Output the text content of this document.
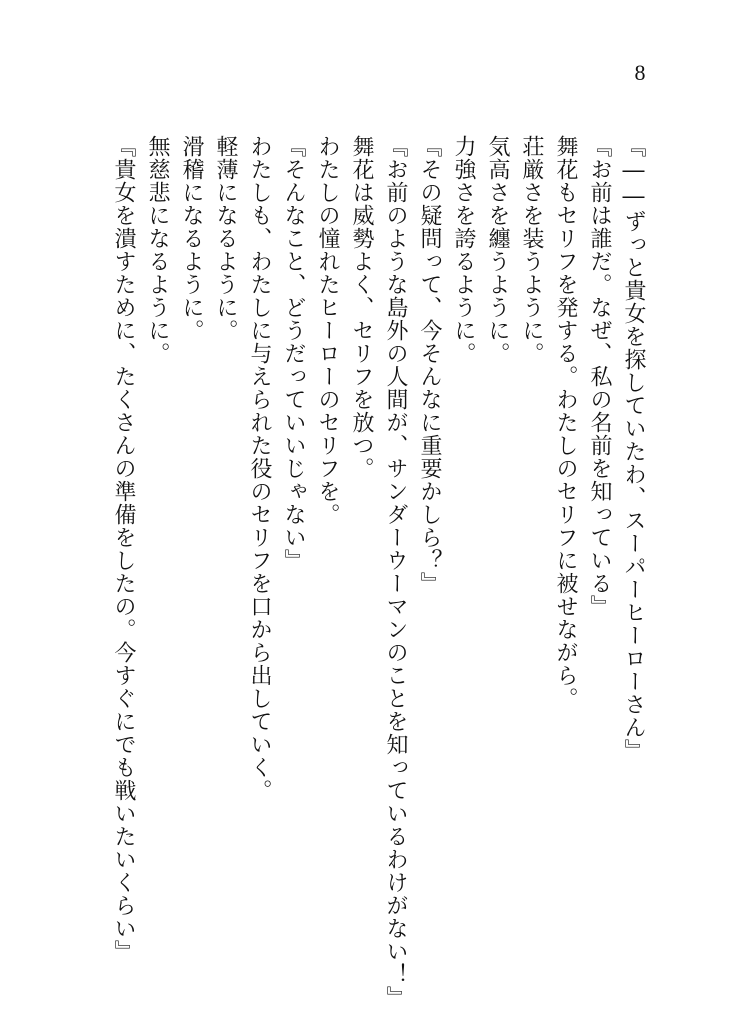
8
『――ずっと貴女を探していたわ、スーパーヒーローさん』
『お前は誰だ。なぜ、私の名前を知っている』
舞花もセリフを発する。わたしのセリフに被せながら。
荘厳さを装うように。
気高さを纏うように。
力強さを誇るように。
『その疑問って、今そんなに重要かしら？』
『お前のような島外の人間が、サンダーウーマンのことを知っているわけがない！』
舞花は威勢よく、セリフを放つ。
わたしの憧れたヒーローのセリフを。
『そんなこと、どうだっていいじゃない』
わたしも、わたしに与えられた役のセリフを口から出していく。
軽薄になるように。
滑稽になるように。
無慈悲になるように。
『貴女を潰すために、たくさんの準備をしたの。今すぐにでも戦いたいくらい』
